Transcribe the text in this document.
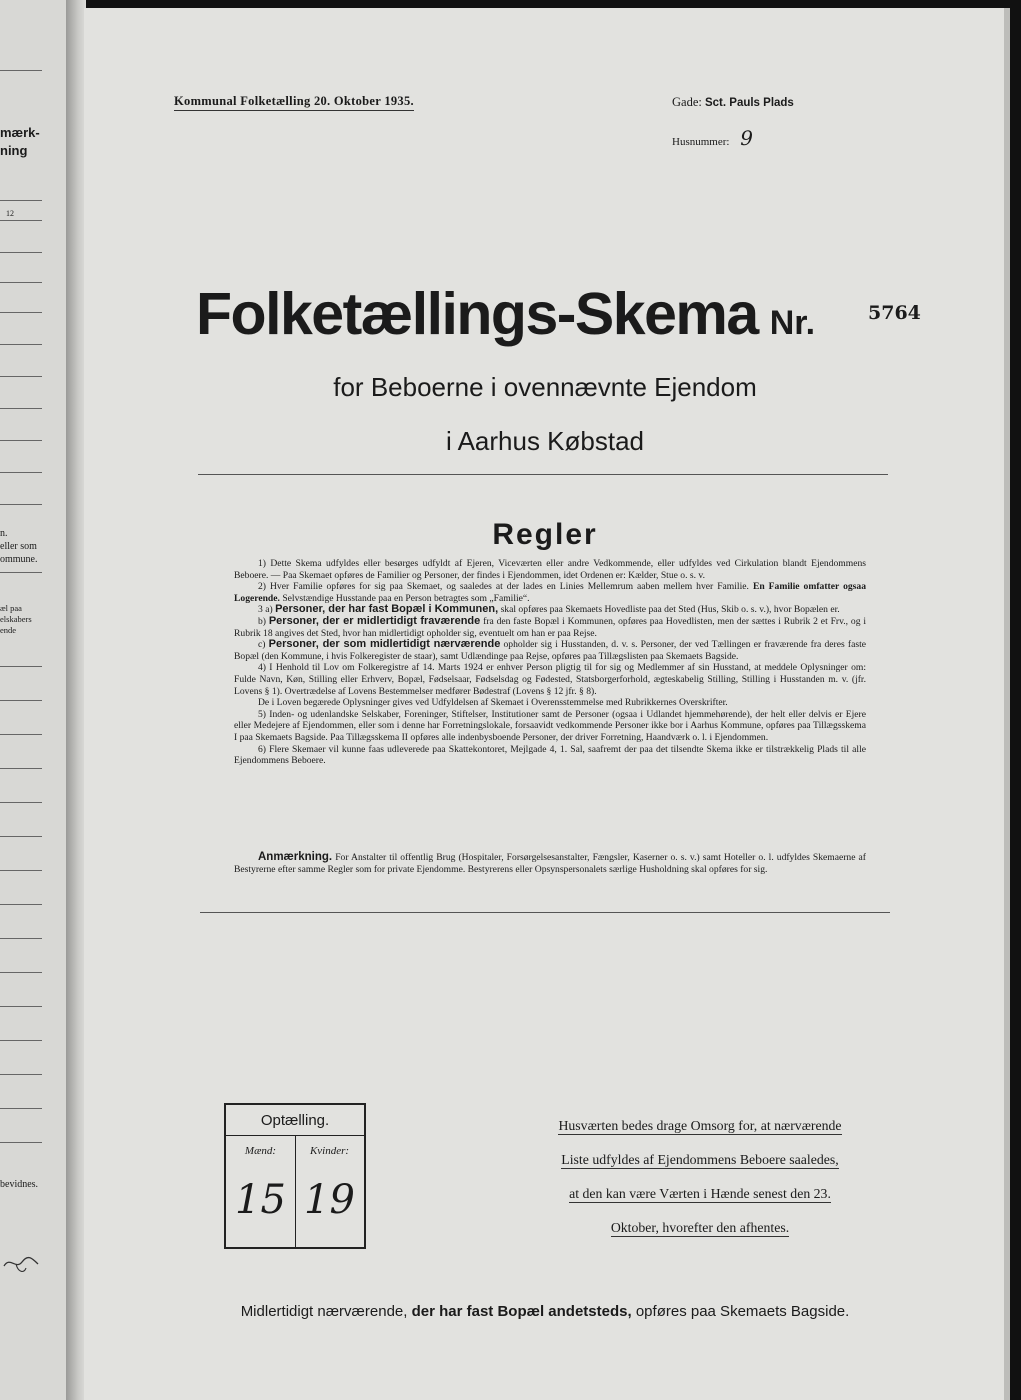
mærk-
ning
12
n.
eller som
ommune.
æl paa
elskabers
ende
bevidnes.
Kommunal Folketælling 20. Oktober 1935.	Gade: Sct. Pauls Plads
Husnummer: 9
Folketællings-Skema Nr.	5764
for Beboerne i ovennævnte Ejendom
i Aarhus Købstad
Regler

1) Dette Skema udfyldes eller besørges udfyldt af Ejeren, Viceværten eller andre Vedkommende, eller udfyldes ved Cirkulation blandt Ejendommens Beboere. — Paa Skemaet opføres de Familier og Personer, der findes i Ejendommen, idet Ordenen er: Kælder, Stue o. s. v.

2) Hver Familie opføres for sig paa Skemaet, og saaledes at der lades en Linies Mellemrum aaben mellem hver Familie. En Familie omfatter ogsaa Logerende. Selvstændige Husstande paa en Person betragtes som „Familie“.

3 a) Personer, der har fast Bopæl i Kommunen, skal opføres paa Skemaets Hovedliste paa det Sted (Hus, Skib o. s. v.), hvor Bopælen er.

b) Personer, der er midlertidigt fraværende fra den faste Bopæl i Kommunen, opføres paa Hovedlisten, men der sættes i Rubrik 2 et Frv., og i Rubrik 18 angives det Sted, hvor han midlertidigt opholder sig, eventuelt om han er paa Rejse.

c) Personer, der som midlertidigt nærværende opholder sig i Husstanden, d. v. s. Personer, der ved Tællingen er fraværende fra deres faste Bopæl (den Kommune, i hvis Folkeregister de staar), samt Udlændinge paa Rejse, opføres paa Tillægslisten paa Skemaets Bagside.

4) I Henhold til Lov om Folkeregistre af 14. Marts 1924 er enhver Person pligtig til for sig og Medlemmer af sin Husstand, at meddele Oplysninger om: Fulde Navn, Køn, Stilling eller Erhverv, Bopæl, Fødselsaar, Fødselsdag og Fødested, Statsborgerforhold, ægteskabelig Stilling, Stilling i Husstanden m. v. (jfr. Lovens § 1). Overtrædelse af Lovens Bestemmelser medfører Bødestraf (Lovens § 12 jfr. § 8).

De i Loven begærede Oplysninger gives ved Udfyldelsen af Skemaet i Overensstemmelse med Rubrikkernes Overskrifter.

5) Inden- og udenlandske Selskaber, Foreninger, Stiftelser, Institutioner samt de Personer (ogsaa i Udlandet hjemmehørende), der helt eller delvis er Ejere eller Medejere af Ejendommen, eller som i denne har Forretningslokale, forsaavidt vedkommende Personer ikke bor i Aarhus Kommune, opføres paa Tillægsskema I paa Skemaets Bagside. Paa Tillægsskema II opføres alle indenbysboende Personer, der driver Forretning, Haandværk o. l. i Ejendommen.

6) Flere Skemaer vil kunne faas udleverede paa Skattekontoret, Mejlgade 4, 1. Sal, saafremt der paa det tilsendte Skema ikke er tilstrækkelig Plads til alle Ejendommens Beboere.

Anmærkning. For Anstalter til offentlig Brug (Hospitaler, Forsørgelsesanstalter, Fængsler, Kaserner o. s. v.) samt Hoteller o. l. udfyldes Skemaerne af Bestyrerne efter samme Regler som for private Ejendomme. Bestyrerens eller Opsynspersonalets særlige Husholdning skal opføres for sig.

Optælling.
Mænd:
15
Kvinder:
19
Husværten bedes drage Omsorg for, at nærværende
Liste udfyldes af Ejendommens Beboere saaledes,
at den kan være Værten i Hænde senest den 23.
Oktober, hvorefter den afhentes.
Midlertidigt nærværende, der har fast Bopæl andetsteds, opføres paa Skemaets Bagside.
